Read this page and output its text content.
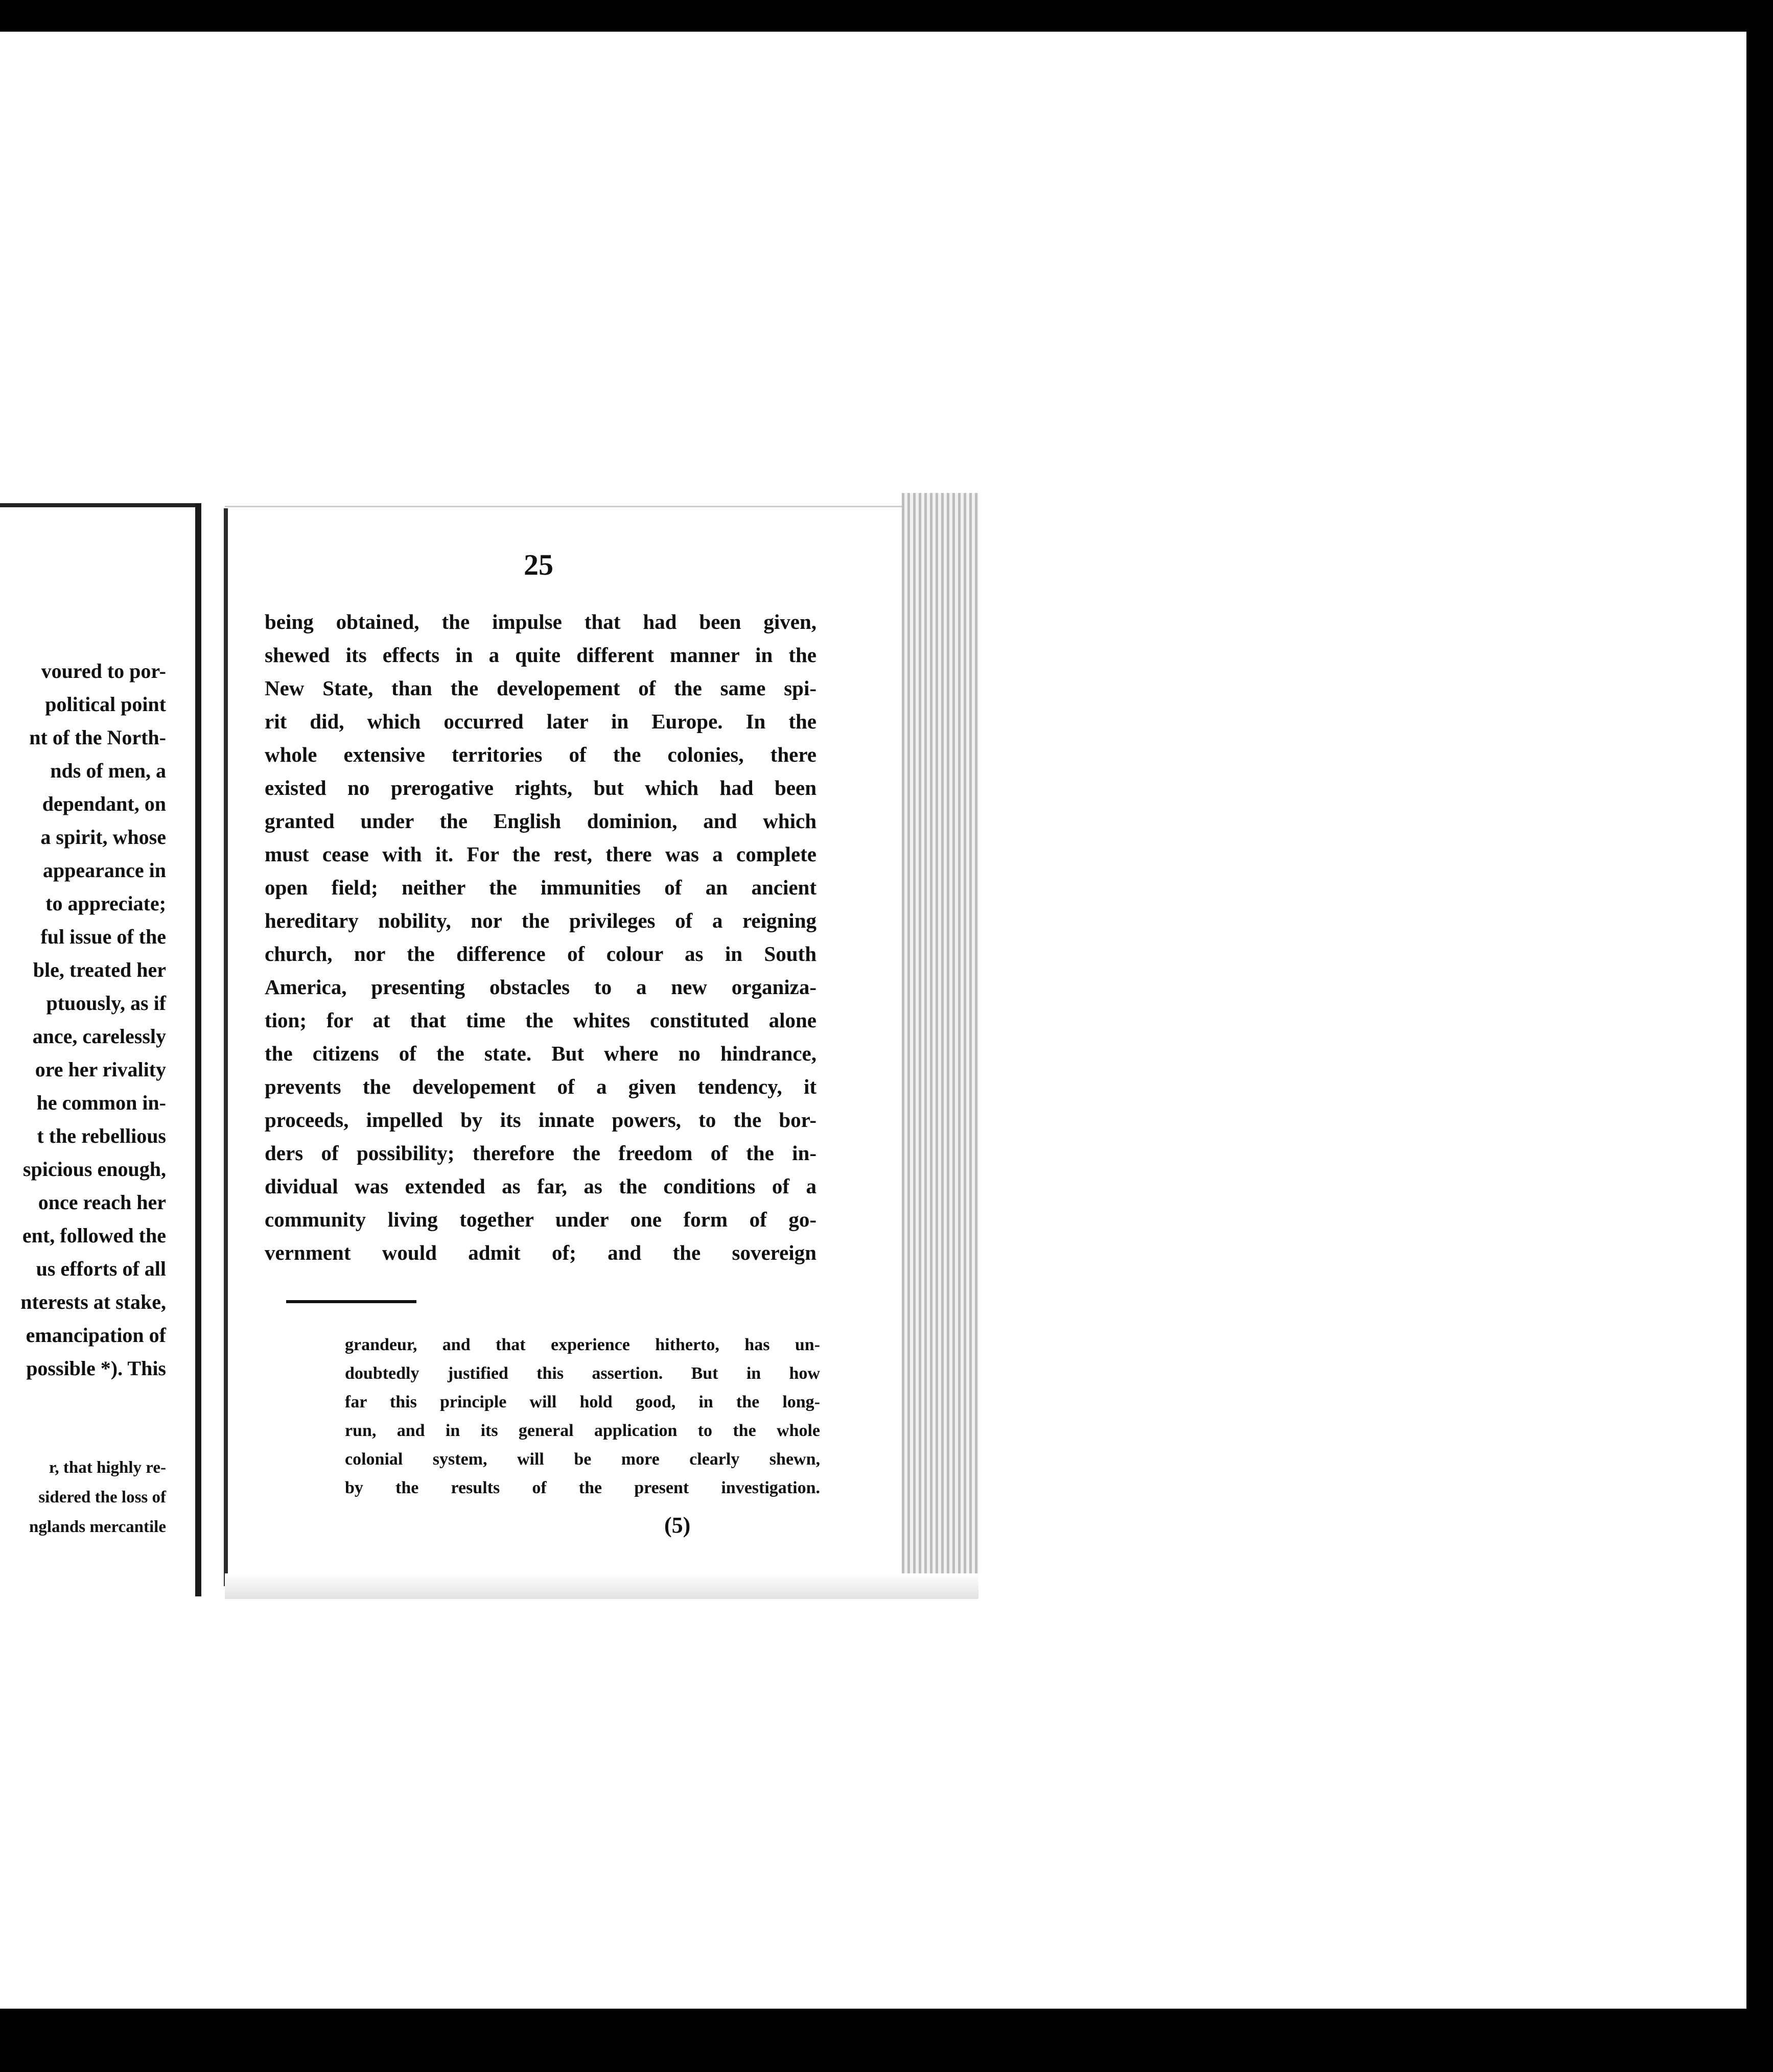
voured to por-
political point
nt of the North-
nds of men, a
dependant, on
a spirit, whose
appearance in
to appreciate;
ful issue of the
ble, treated her
ptuously, as if
ance, carelessly
ore her rivality
he common in-
t the rebellious
spicious enough,
once reach her
ent, followed the
us efforts of all
nterests at stake,
emancipation of
possible *). This
r, that highly re-
sidered the loss of
nglands mercantile
25
being obtained, the impulse that had been given,
shewed its effects in a quite different manner in the
New State, than the developement of the same spi-
rit did, which occurred later in Europe. In the
whole extensive territories of the colonies, there
existed no prerogative rights, but which had been
granted under the English dominion, and which
must cease with it. For the rest, there was a complete
open field; neither the immunities of an ancient
hereditary nobility, nor the privileges of a reigning
church, nor the difference of colour as in South
America, presenting obstacles to a new organiza-
tion; for at that time the whites constituted alone
the citizens of the state. But where no hindrance,
prevents the developement of a given tendency, it
proceeds, impelled by its innate powers, to the bor-
ders of possibility; therefore the freedom of the in-
dividual was extended as far, as the conditions of a
community living together under one form of go-
vernment would admit of; and the sovereign
grandeur, and that experience hitherto, has un-
doubtedly justified this assertion. But in how
far this principle will hold good, in the long-
run, and in its general application to the whole
colonial system, will be more clearly shewn,
by the results of the present investigation.
(5)
